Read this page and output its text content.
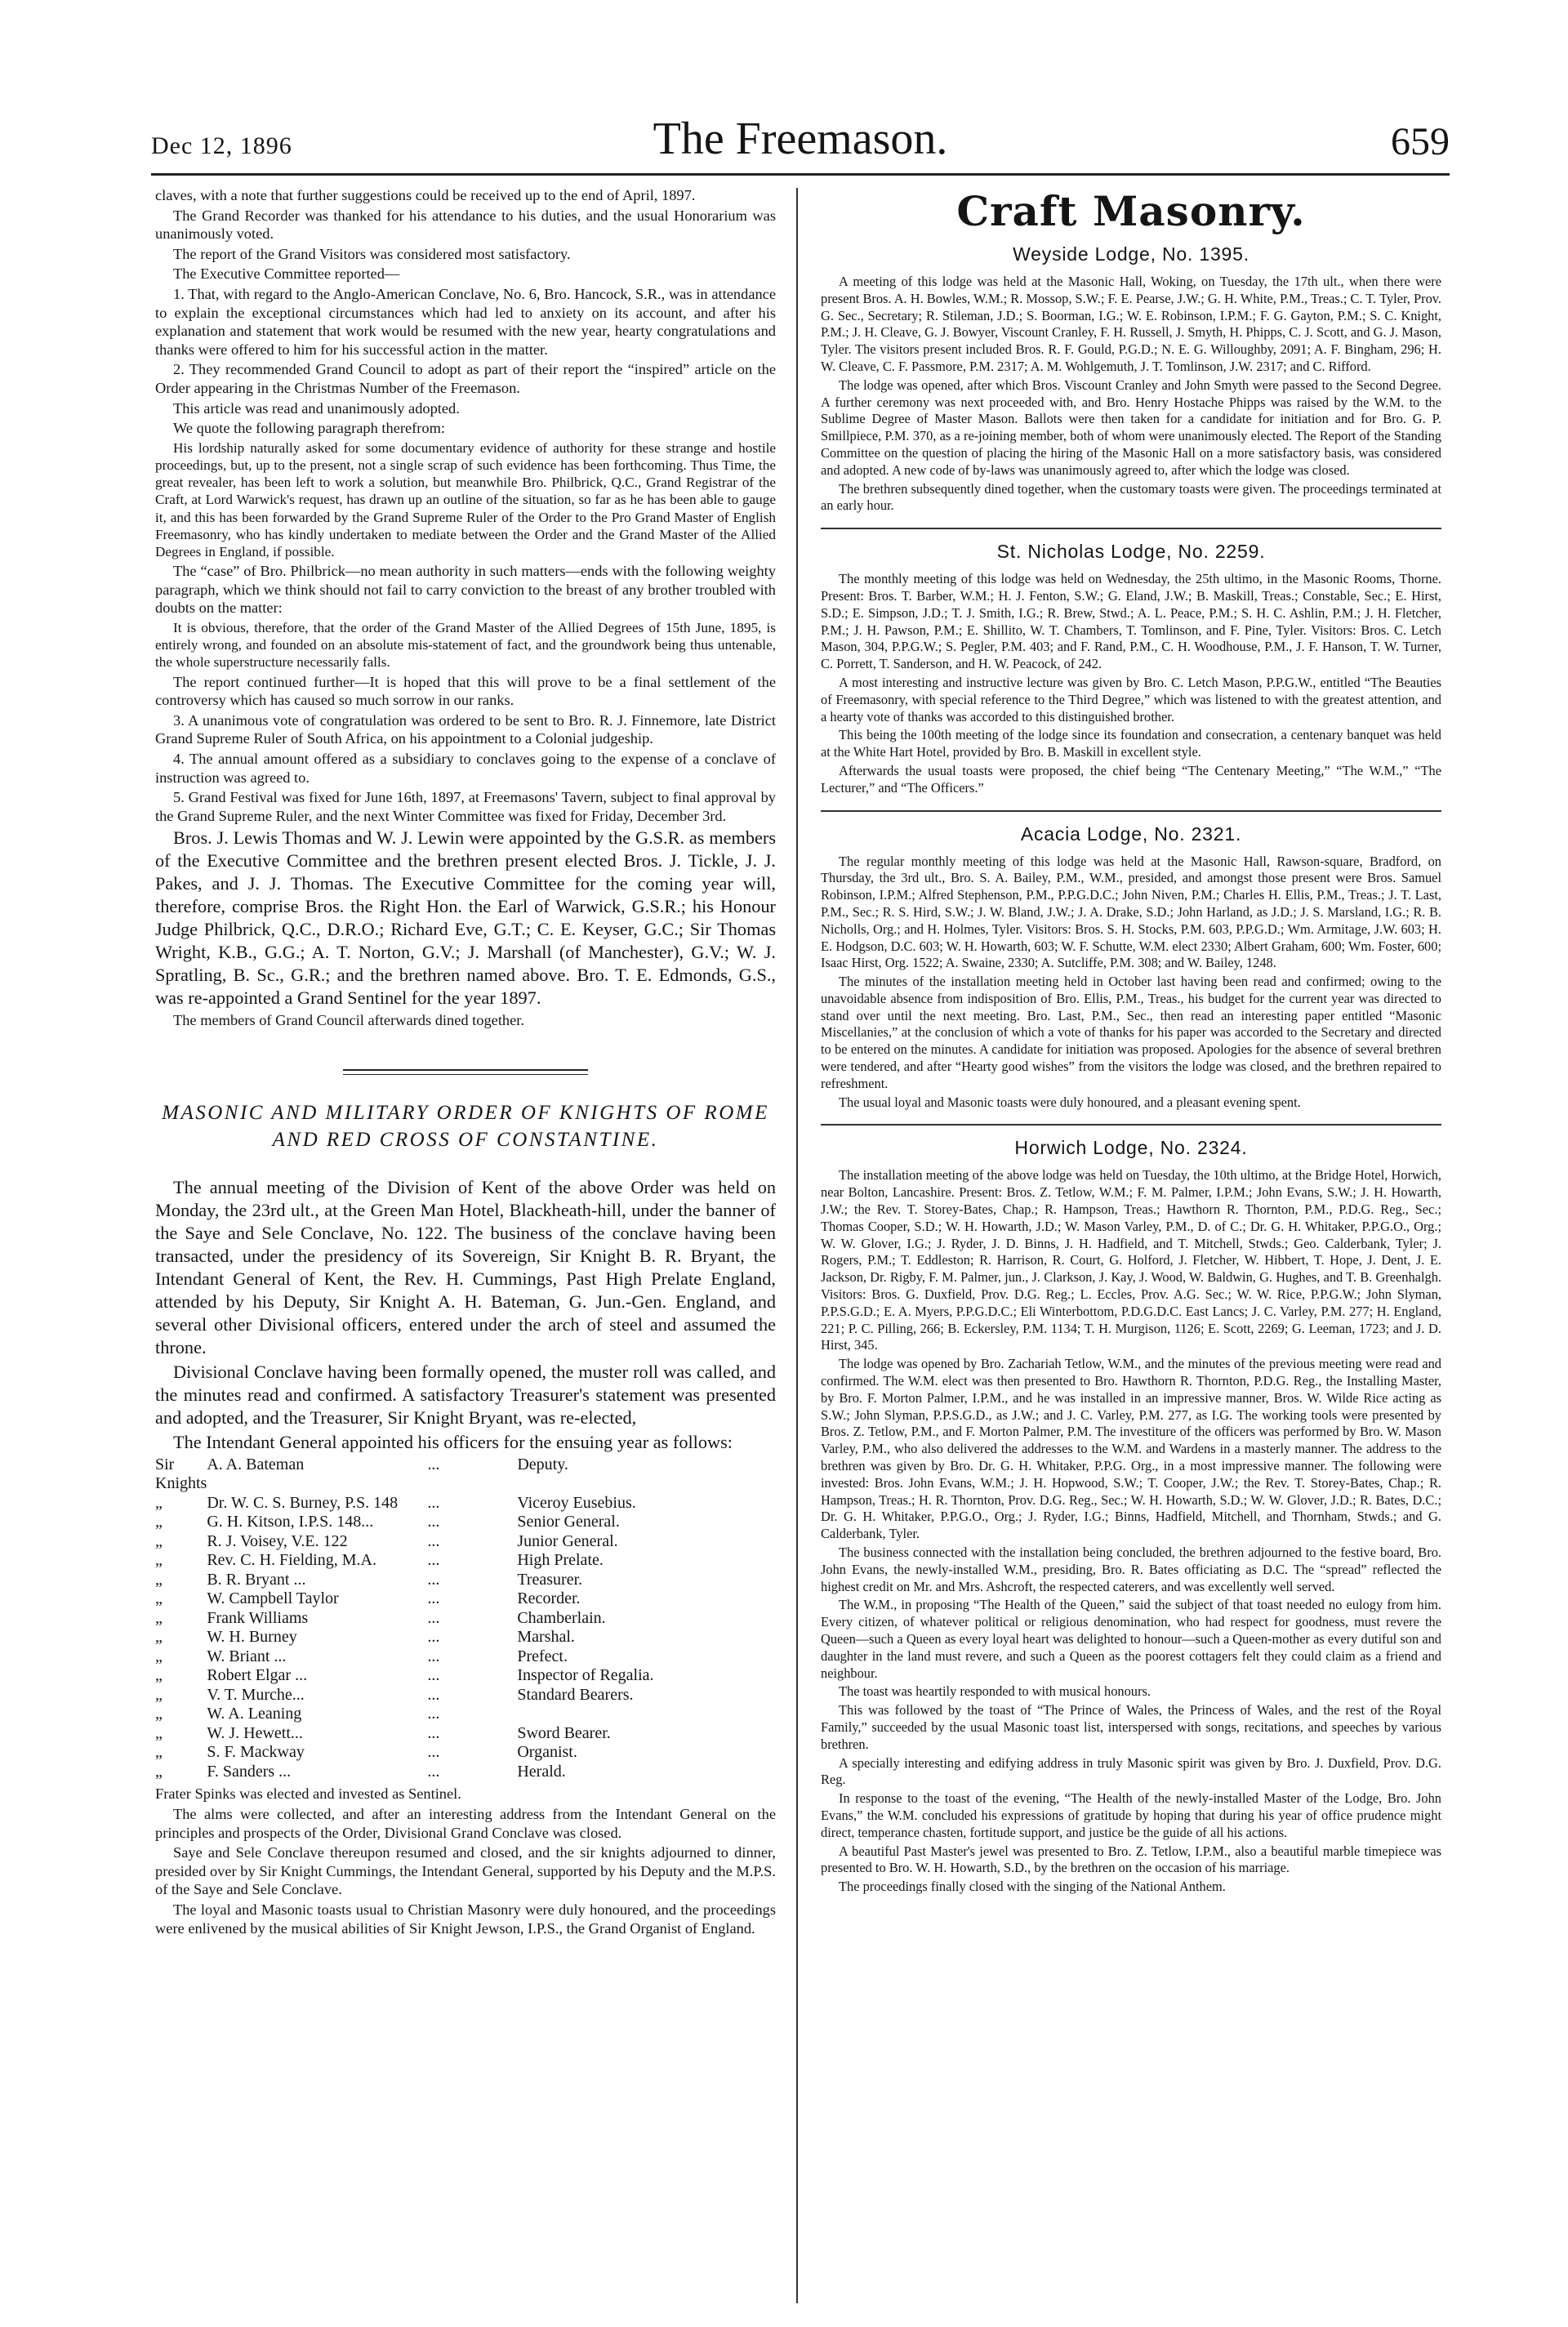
Dec 12, 1896	The Freemason.	659

claves, with a note that further suggestions could be received up to the end of April, 1897.

The Grand Recorder was thanked for his attendance to his duties, and the usual Honorarium was unanimously voted.

The report of the Grand Visitors was considered most satisfactory.

The Executive Committee reported—

1. That, with regard to the Anglo-American Conclave, No. 6, Bro. Hancock, S.R., was in attendance to explain the exceptional circumstances which had led to anxiety on its account, and after his explanation and statement that work would be resumed with the new year, hearty congratulations and thanks were offered to him for his successful action in the matter.

2. They recommended Grand Council to adopt as part of their report the “inspired” article on the Order appearing in the Christmas Number of the Freemason.

This article was read and unanimously adopted.

We quote the following paragraph therefrom:

His lordship naturally asked for some documentary evidence of authority for these strange and hostile proceedings, but, up to the present, not a single scrap of such evidence has been forthcoming. Thus Time, the great revealer, has been left to work a solution, but meanwhile Bro. Philbrick, Q.C., Grand Registrar of the Craft, at Lord Warwick's request, has drawn up an outline of the situation, so far as he has been able to gauge it, and this has been forwarded by the Grand Supreme Ruler of the Order to the Pro Grand Master of English Freemasonry, who has kindly undertaken to mediate between the Order and the Grand Master of the Allied Degrees in England, if possible.

The “case” of Bro. Philbrick—no mean authority in such matters—ends with the following weighty paragraph, which we think should not fail to carry conviction to the breast of any brother troubled with doubts on the matter:

It is obvious, therefore, that the order of the Grand Master of the Allied Degrees of 15th June, 1895, is entirely wrong, and founded on an absolute mis-statement of fact, and the groundwork being thus untenable, the whole superstructure necessarily falls.

The report continued further—It is hoped that this will prove to be a final settlement of the controversy which has caused so much sorrow in our ranks.

3. A unanimous vote of congratulation was ordered to be sent to Bro. R. J. Finnemore, late District Grand Supreme Ruler of South Africa, on his appointment to a Colonial judgeship.

4. The annual amount offered as a subsidiary to conclaves going to the expense of a conclave of instruction was agreed to.

5. Grand Festival was fixed for June 16th, 1897, at Freemasons' Tavern, subject to final approval by the Grand Supreme Ruler, and the next Winter Committee was fixed for Friday, December 3rd.

Bros. J. Lewis Thomas and W. J. Lewin were appointed by the G.S.R. as members of the Executive Committee and the brethren present elected Bros. J. Tickle, J. J. Pakes, and J. J. Thomas. The Executive Committee for the coming year will, therefore, comprise Bros. the Right Hon. the Earl of Warwick, G.S.R.; his Honour Judge Philbrick, Q.C., D.R.O.; Richard Eve, G.T.; C. E. Keyser, G.C.; Sir Thomas Wright, K.B., G.G.; A. T. Norton, G.V.; J. Marshall (of Manchester), G.V.; W. J. Spratling, B. Sc., G.R.; and the brethren named above. Bro. T. E. Edmonds, G.S., was re-appointed a Grand Sentinel for the year 1897.

The members of Grand Council afterwards dined together.

MASONIC AND MILITARY ORDER OF KNIGHTS OF ROME AND RED CROSS OF CONSTANTINE.

The annual meeting of the Division of Kent of the above Order was held on Monday, the 23rd ult., at the Green Man Hotel, Blackheath-hill, under the banner of the Saye and Sele Conclave, No. 122. The business of the conclave having been transacted, under the presidency of its Sovereign, Sir Knight B. R. Bryant, the Intendant General of Kent, the Rev. H. Cummings, Past High Prelate England, attended by his Deputy, Sir Knight A. H. Bateman, G. Jun.-Gen. England, and several other Divisional officers, entered under the arch of steel and assumed the throne.

Divisional Conclave having been formally opened, the muster roll was called, and the minutes read and confirmed. A satisfactory Treasurer's statement was presented and adopted, and the Treasurer, Sir Knight Bryant, was re-elected,

The Intendant General appointed his officers for the ensuing year as follows:

Sir Knights	A. A. Bateman	...	Deputy.
„	Dr. W. C. S. Burney, P.S. 148	...	Viceroy Eusebius.
„	G. H. Kitson, I.P.S. 148...	...	Senior General.
„	R. J. Voisey, V.E. 122	...	Junior General.
„	Rev. C. H. Fielding, M.A.	...	High Prelate.
„	B. R. Bryant ...	...	Treasurer.
„	W. Campbell Taylor	...	Recorder.
„	Frank Williams	...	Chamberlain.
„	W. H. Burney	...	Marshal.
„	W. Briant ...	...	Prefect.
„	Robert Elgar ...	...	Inspector of Regalia.
„	V. T. Murche...	...	Standard Bearers.
„	W. A. Leaning	...	
„	W. J. Hewett...	...	Sword Bearer.
„	S. F. Mackway	...	Organist.
„	F. Sanders ...	...	Herald.

Frater Spinks was elected and invested as Sentinel.

The alms were collected, and after an interesting address from the Intendant General on the principles and prospects of the Order, Divisional Grand Conclave was closed.

Saye and Sele Conclave thereupon resumed and closed, and the sir knights adjourned to dinner, presided over by Sir Knight Cummings, the Intendant General, supported by his Deputy and the M.P.S. of the Saye and Sele Conclave.

The loyal and Masonic toasts usual to Christian Masonry were duly honoured, and the proceedings were enlivened by the musical abilities of Sir Knight Jewson, I.P.S., the Grand Organist of England.

Craft Masonry.
Weyside Lodge, No. 1395.

A meeting of this lodge was held at the Masonic Hall, Woking, on Tuesday, the 17th ult., when there were present Bros. A. H. Bowles, W.M.; R. Mossop, S.W.; F. E. Pearse, J.W.; G. H. White, P.M., Treas.; C. T. Tyler, Prov. G. Sec., Secretary; R. Stileman, J.D.; S. Boorman, I.G.; W. E. Robinson, I.P.M.; F. G. Gayton, P.M.; S. C. Knight, P.M.; J. H. Cleave, G. J. Bowyer, Viscount Cranley, F. H. Russell, J. Smyth, H. Phipps, C. J. Scott, and G. J. Mason, Tyler. The visitors present included Bros. R. F. Gould, P.G.D.; N. E. G. Willoughby, 2091; A. F. Bingham, 296; H. W. Cleave, C. F. Passmore, P.M. 2317; A. M. Wohlgemuth, J. T. Tomlinson, J.W. 2317; and C. Rifford.

The lodge was opened, after which Bros. Viscount Cranley and John Smyth were passed to the Second Degree. A further ceremony was next proceeded with, and Bro. Henry Hostache Phipps was raised by the W.M. to the Sublime Degree of Master Mason. Ballots were then taken for a candidate for initiation and for Bro. G. P. Smillpiece, P.M. 370, as a re-joining member, both of whom were unanimously elected. The Report of the Standing Committee on the question of placing the hiring of the Masonic Hall on a more satisfactory basis, was considered and adopted. A new code of by-laws was unanimously agreed to, after which the lodge was closed.

The brethren subsequently dined together, when the customary toasts were given. The proceedings terminated at an early hour.

St. Nicholas Lodge, No. 2259.

The monthly meeting of this lodge was held on Wednesday, the 25th ultimo, in the Masonic Rooms, Thorne. Present: Bros. T. Barber, W.M.; H. J. Fenton, S.W.; G. Eland, J.W.; B. Maskill, Treas.; Constable, Sec.; E. Hirst, S.D.; E. Simpson, J.D.; T. J. Smith, I.G.; R. Brew, Stwd.; A. L. Peace, P.M.; S. H. C. Ashlin, P.M.; J. H. Fletcher, P.M.; J. H. Pawson, P.M.; E. Shillito, W. T. Chambers, T. Tomlinson, and F. Pine, Tyler. Visitors: Bros. C. Letch Mason, 304, P.P.G.W.; S. Pegler, P.M. 403; and F. Rand, P.M., C. H. Woodhouse, P.M., J. F. Hanson, T. W. Turner, C. Porrett, T. Sanderson, and H. W. Peacock, of 242.

A most interesting and instructive lecture was given by Bro. C. Letch Mason, P.P.G.W., entitled “The Beauties of Freemasonry, with special reference to the Third Degree,” which was listened to with the greatest attention, and a hearty vote of thanks was accorded to this distinguished brother.

This being the 100th meeting of the lodge since its foundation and consecration, a centenary banquet was held at the White Hart Hotel, provided by Bro. B. Maskill in excellent style.

Afterwards the usual toasts were proposed, the chief being “The Centenary Meeting,” “The W.M.,” “The Lecturer,” and “The Officers.”

Acacia Lodge, No. 2321.

The regular monthly meeting of this lodge was held at the Masonic Hall, Rawson-square, Bradford, on Thursday, the 3rd ult., Bro. S. A. Bailey, P.M., W.M., presided, and amongst those present were Bros. Samuel Robinson, I.P.M.; Alfred Stephenson, P.M., P.P.G.D.C.; John Niven, P.M.; Charles H. Ellis, P.M., Treas.; J. T. Last, P.M., Sec.; R. S. Hird, S.W.; J. W. Bland, J.W.; J. A. Drake, S.D.; John Harland, as J.D.; J. S. Marsland, I.G.; R. B. Nicholls, Org.; and H. Holmes, Tyler. Visitors: Bros. S. H. Stocks, P.M. 603, P.P.G.D.; Wm. Armitage, J.W. 603; H. E. Hodgson, D.C. 603; W. H. Howarth, 603; W. F. Schutte, W.M. elect 2330; Albert Graham, 600; Wm. Foster, 600; Isaac Hirst, Org. 1522; A. Swaine, 2330; A. Sutcliffe, P.M. 308; and W. Bailey, 1248.

The minutes of the installation meeting held in October last having been read and confirmed; owing to the unavoidable absence from indisposition of Bro. Ellis, P.M., Treas., his budget for the current year was directed to stand over until the next meeting. Bro. Last, P.M., Sec., then read an interesting paper entitled “Masonic Miscellanies,” at the conclusion of which a vote of thanks for his paper was accorded to the Secretary and directed to be entered on the minutes. A candidate for initiation was proposed. Apologies for the absence of several brethren were tendered, and after “Hearty good wishes” from the visitors the lodge was closed, and the brethren repaired to refreshment.

The usual loyal and Masonic toasts were duly honoured, and a pleasant evening spent.

Horwich Lodge, No. 2324.

The installation meeting of the above lodge was held on Tuesday, the 10th ultimo, at the Bridge Hotel, Horwich, near Bolton, Lancashire. Present: Bros. Z. Tetlow, W.M.; F. M. Palmer, I.P.M.; John Evans, S.W.; J. H. Howarth, J.W.; the Rev. T. Storey-Bates, Chap.; R. Hampson, Treas.; Hawthorn R. Thornton, P.M., P.D.G. Reg., Sec.; Thomas Cooper, S.D.; W. H. Howarth, J.D.; W. Mason Varley, P.M., D. of C.; Dr. G. H. Whitaker, P.P.G.O., Org.; W. W. Glover, I.G.; J. Ryder, J. D. Binns, J. H. Hadfield, and T. Mitchell, Stwds.; Geo. Calderbank, Tyler; J. Rogers, P.M.; T. Eddleston; R. Harrison, R. Court, G. Holford, J. Fletcher, W. Hibbert, T. Hope, J. Dent, J. E. Jackson, Dr. Rigby, F. M. Palmer, jun., J. Clarkson, J. Kay, J. Wood, W. Baldwin, G. Hughes, and T. B. Greenhalgh. Visitors: Bros. G. Duxfield, Prov. D.G. Reg.; L. Eccles, Prov. A.G. Sec.; W. W. Rice, P.P.G.W.; John Slyman, P.P.S.G.D.; E. A. Myers, P.P.G.D.C.; Eli Winterbottom, P.D.G.D.C. East Lancs; J. C. Varley, P.M. 277; H. England, 221; P. C. Pilling, 266; B. Eckersley, P.M. 1134; T. H. Murgison, 1126; E. Scott, 2269; G. Leeman, 1723; and J. D. Hirst, 345.

The lodge was opened by Bro. Zachariah Tetlow, W.M., and the minutes of the previous meeting were read and confirmed. The W.M. elect was then presented to Bro. Hawthorn R. Thornton, P.D.G. Reg., the Installing Master, by Bro. F. Morton Palmer, I.P.M., and he was installed in an impressive manner, Bros. W. Wilde Rice acting as S.W.; John Slyman, P.P.S.G.D., as J.W.; and J. C. Varley, P.M. 277, as I.G. The working tools were presented by Bros. Z. Tetlow, P.M., and F. Morton Palmer, P.M. The investiture of the officers was performed by Bro. W. Mason Varley, P.M., who also delivered the addresses to the W.M. and Wardens in a masterly manner. The address to the brethren was given by Bro. Dr. G. H. Whitaker, P.P.G. Org., in a most impressive manner. The following were invested: Bros. John Evans, W.M.; J. H. Hopwood, S.W.; T. Cooper, J.W.; the Rev. T. Storey-Bates, Chap.; R. Hampson, Treas.; H. R. Thornton, Prov. D.G. Reg., Sec.; W. H. Howarth, S.D.; W. W. Glover, J.D.; R. Bates, D.C.; Dr. G. H. Whitaker, P.P.G.O., Org.; J. Ryder, I.G.; Binns, Hadfield, Mitchell, and Thornham, Stwds.; and G. Calderbank, Tyler.

The business connected with the installation being concluded, the brethren adjourned to the festive board, Bro. John Evans, the newly-installed W.M., presiding, Bro. R. Bates officiating as D.C. The “spread” reflected the highest credit on Mr. and Mrs. Ashcroft, the respected caterers, and was excellently well served.

The W.M., in proposing “The Health of the Queen,” said the subject of that toast needed no eulogy from him. Every citizen, of whatever political or religious denomination, who had respect for goodness, must revere the Queen—such a Queen as every loyal heart was delighted to honour—such a Queen-mother as every dutiful son and daughter in the land must revere, and such a Queen as the poorest cottagers felt they could claim as a friend and neighbour.

The toast was heartily responded to with musical honours.

This was followed by the toast of “The Prince of Wales, the Princess of Wales, and the rest of the Royal Family,” succeeded by the usual Masonic toast list, interspersed with songs, recitations, and speeches by various brethren.

A specially interesting and edifying address in truly Masonic spirit was given by Bro. J. Duxfield, Prov. D.G. Reg.

In response to the toast of the evening, “The Health of the newly-installed Master of the Lodge, Bro. John Evans,” the W.M. concluded his expressions of gratitude by hoping that during his year of office prudence might direct, temperance chasten, fortitude support, and justice be the guide of all his actions.

A beautiful Past Master's jewel was presented to Bro. Z. Tetlow, I.P.M., also a beautiful marble timepiece was presented to Bro. W. H. Howarth, S.D., by the brethren on the occasion of his marriage.

The proceedings finally closed with the singing of the National Anthem.
